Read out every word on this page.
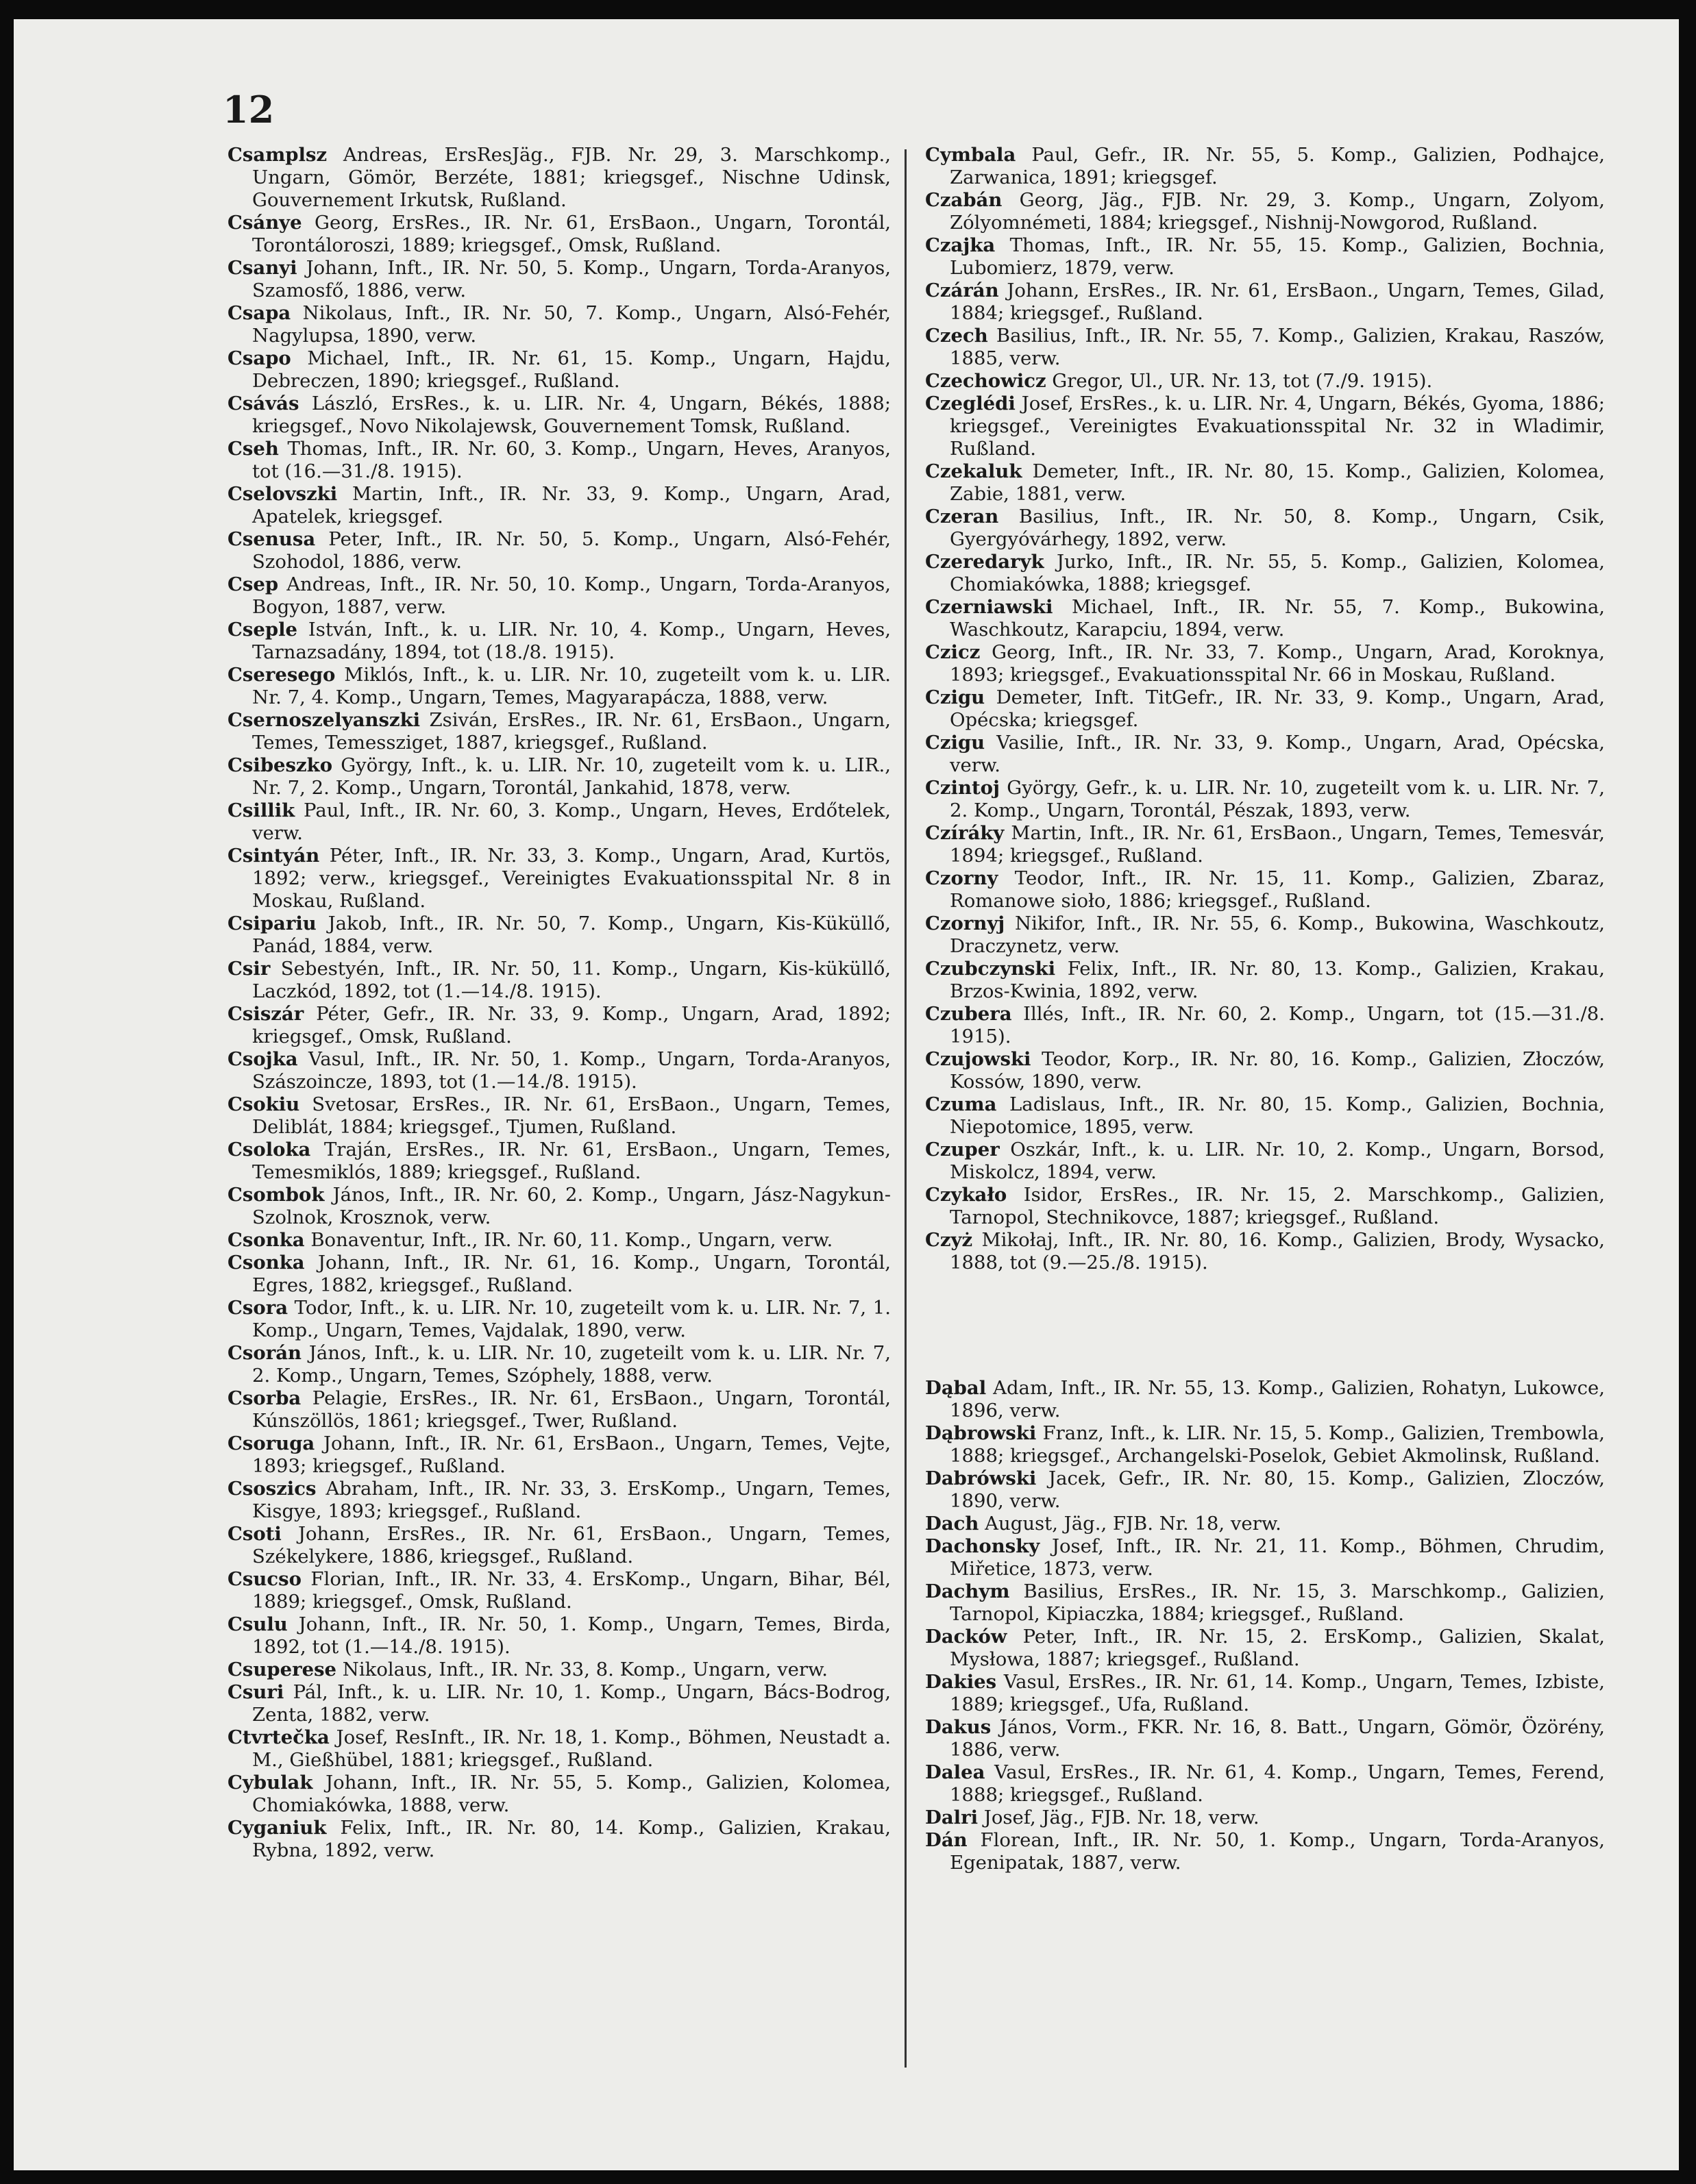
12

Csamplsz Andreas, ErsResJäg., FJB. Nr. 29, 3. Marschkomp., Ungarn, Gömör, Berzéte, 1881; kriegsgef., Nischne Udinsk, Gouvernement Irkutsk, Rußland.

Csánye Georg, ErsRes., IR. Nr. 61, ErsBaon., Ungarn, Torontál, Torontáloroszi, 1889; kriegsgef., Omsk, Rußland.

Csanyi Johann, Inft., IR. Nr. 50, 5. Komp., Ungarn, Torda-Aranyos, Szamosfő, 1886, verw.

Csapa Nikolaus, Inft., IR. Nr. 50, 7. Komp., Ungarn, Alsó-Fehér, Nagylupsa, 1890, verw.

Csapo Michael, Inft., IR. Nr. 61, 15. Komp., Ungarn, Hajdu, Debreczen, 1890; kriegsgef., Rußland.

Csávás László, ErsRes., k. u. LIR. Nr. 4, Ungarn, Békés, 1888; kriegsgef., Novo Nikolajewsk, Gouvernement Tomsk, Rußland.

Cseh Thomas, Inft., IR. Nr. 60, 3. Komp., Ungarn, Heves, Aranyos, tot (16.—31./8. 1915).

Cselovszki Martin, Inft., IR. Nr. 33, 9. Komp., Ungarn, Arad, Apatelek, kriegsgef.

Csenusa Peter, Inft., IR. Nr. 50, 5. Komp., Ungarn, Alsó-Fehér, Szohodol, 1886, verw.

Csep Andreas, Inft., IR. Nr. 50, 10. Komp., Ungarn, Torda-Aranyos, Bogyon, 1887, verw.

Cseple István, Inft., k. u. LIR. Nr. 10, 4. Komp., Ungarn, Heves, Tarnazsadány, 1894, tot (18./8. 1915).

Cseresego Miklós, Inft., k. u. LIR. Nr. 10, zugeteilt vom k. u. LIR. Nr. 7, 4. Komp., Ungarn, Temes, Magyarapácza, 1888, verw.

Csernoszelyanszki Zsiván, ErsRes., IR. Nr. 61, ErsBaon., Ungarn, Temes, Temessziget, 1887, kriegsgef., Rußland.

Csibeszko György, Inft., k. u. LIR. Nr. 10, zugeteilt vom k. u. LIR., Nr. 7, 2. Komp., Ungarn, Torontál, Jankahid, 1878, verw.

Csillik Paul, Inft., IR. Nr. 60, 3. Komp., Ungarn, Heves, Erdőtelek, verw.

Csintyán Péter, Inft., IR. Nr. 33, 3. Komp., Ungarn, Arad, Kurtös, 1892; verw., kriegsgef., Vereinigtes Evakuationsspital Nr. 8 in Moskau, Rußland.

Csipariu Jakob, Inft., IR. Nr. 50, 7. Komp., Ungarn, Kis-Küküllő, Panád, 1884, verw.

Csir Sebestyén, Inft., IR. Nr. 50, 11. Komp., Ungarn, Kis-küküllő, Laczkód, 1892, tot (1.—14./8. 1915).

Csiszár Péter, Gefr., IR. Nr. 33, 9. Komp., Ungarn, Arad, 1892; kriegsgef., Omsk, Rußland.

Csojka Vasul, Inft., IR. Nr. 50, 1. Komp., Ungarn, Torda-Aranyos, Szászoincze, 1893, tot (1.—14./8. 1915).

Csokiu Svetosar, ErsRes., IR. Nr. 61, ErsBaon., Ungarn, Temes, Deliblát, 1884; kriegsgef., Tjumen, Rußland.

Csoloka Traján, ErsRes., IR. Nr. 61, ErsBaon., Ungarn, Temes, Temesmiklós, 1889; kriegsgef., Rußland.

Csombok János, Inft., IR. Nr. 60, 2. Komp., Ungarn, Jász-Nagykun-Szolnok, Krosznok, verw.

Csonka Bonaventur, Inft., IR. Nr. 60, 11. Komp., Ungarn, verw.

Csonka Johann, Inft., IR. Nr. 61, 16. Komp., Ungarn, Torontál, Egres, 1882, kriegsgef., Rußland.

Csora Todor, Inft., k. u. LIR. Nr. 10, zugeteilt vom k. u. LIR. Nr. 7, 1. Komp., Ungarn, Temes, Vajdalak, 1890, verw.

Csorán János, Inft., k. u. LIR. Nr. 10, zugeteilt vom k. u. LIR. Nr. 7, 2. Komp., Ungarn, Temes, Szóphely, 1888, verw.

Csorba Pelagie, ErsRes., IR. Nr. 61, ErsBaon., Ungarn, Torontál, Kúnszöllös, 1861; kriegsgef., Twer, Rußland.

Csoruga Johann, Inft., IR. Nr. 61, ErsBaon., Ungarn, Temes, Vejte, 1893; kriegsgef., Rußland.

Csoszics Abraham, Inft., IR. Nr. 33, 3. ErsKomp., Ungarn, Temes, Kisgye, 1893; kriegsgef., Rußland.

Csoti Johann, ErsRes., IR. Nr. 61, ErsBaon., Ungarn, Temes, Székelykere, 1886, kriegsgef., Rußland.

Csucso Florian, Inft., IR. Nr. 33, 4. ErsKomp., Ungarn, Bihar, Bél, 1889; kriegsgef., Omsk, Rußland.

Csulu Johann, Inft., IR. Nr. 50, 1. Komp., Ungarn, Temes, Birda, 1892, tot (1.—14./8. 1915).

Csuperese Nikolaus, Inft., IR. Nr. 33, 8. Komp., Ungarn, verw.

Csuri Pál, Inft., k. u. LIR. Nr. 10, 1. Komp., Ungarn, Bács-Bodrog, Zenta, 1882, verw.

Ctvrtečka Josef, ResInft., IR. Nr. 18, 1. Komp., Böhmen, Neustadt a. M., Gießhübel, 1881; kriegsgef., Rußland.

Cybulak Johann, Inft., IR. Nr. 55, 5. Komp., Galizien, Kolomea, Chomiakówka, 1888, verw.

Cyganiuk Felix, Inft., IR. Nr. 80, 14. Komp., Galizien, Krakau, Rybna, 1892, verw.

Cymbala Paul, Gefr., IR. Nr. 55, 5. Komp., Galizien, Podhajce, Zarwanica, 1891; kriegsgef.

Czabán Georg, Jäg., FJB. Nr. 29, 3. Komp., Ungarn, Zolyom, Zólyomnémeti, 1884; kriegsgef., Nishnij-Nowgorod, Rußland.

Czajka Thomas, Inft., IR. Nr. 55, 15. Komp., Galizien, Bochnia, Lubomierz, 1879, verw.

Czárán Johann, ErsRes., IR. Nr. 61, ErsBaon., Ungarn, Temes, Gilad, 1884; kriegsgef., Rußland.

Czech Basilius, Inft., IR. Nr. 55, 7. Komp., Galizien, Krakau, Raszów, 1885, verw.

Czechowicz Gregor, Ul., UR. Nr. 13, tot (7./9. 1915).

Czeglédi Josef, ErsRes., k. u. LIR. Nr. 4, Ungarn, Békés, Gyoma, 1886; kriegsgef., Vereinigtes Evakuationsspital Nr. 32 in Wladimir, Rußland.

Czekaluk Demeter, Inft., IR. Nr. 80, 15. Komp., Galizien, Kolomea, Zabie, 1881, verw.

Czeran Basilius, Inft., IR. Nr. 50, 8. Komp., Ungarn, Csik, Gyergyóvárhegy, 1892, verw.

Czeredaryk Jurko, Inft., IR. Nr. 55, 5. Komp., Galizien, Kolomea, Chomiakówka, 1888; kriegsgef.

Czerniawski Michael, Inft., IR. Nr. 55, 7. Komp., Bukowina, Waschkoutz, Karapciu, 1894, verw.

Czicz Georg, Inft., IR. Nr. 33, 7. Komp., Ungarn, Arad, Koroknya, 1893; kriegsgef., Evakuationsspital Nr. 66 in Moskau, Rußland.

Czigu Demeter, Inft. TitGefr., IR. Nr. 33, 9. Komp., Ungarn, Arad, Opécska; kriegsgef.

Czigu Vasilie, Inft., IR. Nr. 33, 9. Komp., Ungarn, Arad, Opécska, verw.

Czintoj György, Gefr., k. u. LIR. Nr. 10, zugeteilt vom k. u. LIR. Nr. 7, 2. Komp., Ungarn, Torontál, Pészak, 1893, verw.

Czíráky Martin, Inft., IR. Nr. 61, ErsBaon., Ungarn, Temes, Temesvár, 1894; kriegsgef., Rußland.

Czorny Teodor, Inft., IR. Nr. 15, 11. Komp., Galizien, Zbaraz, Romanowe sioło, 1886; kriegsgef., Rußland.

Czornyj Nikifor, Inft., IR. Nr. 55, 6. Komp., Bukowina, Waschkoutz, Draczynetz, verw.

Czubczynski Felix, Inft., IR. Nr. 80, 13. Komp., Galizien, Krakau, Brzos-Kwinia, 1892, verw.

Czubera Illés, Inft., IR. Nr. 60, 2. Komp., Ungarn, tot (15.—31./8. 1915).

Czujowski Teodor, Korp., IR. Nr. 80, 16. Komp., Galizien, Złoczów, Kossów, 1890, verw.

Czuma Ladislaus, Inft., IR. Nr. 80, 15. Komp., Galizien, Bochnia, Niepotomice, 1895, verw.

Czuper Oszkár, Inft., k. u. LIR. Nr. 10, 2. Komp., Ungarn, Borsod, Miskolcz, 1894, verw.

Czykało Isidor, ErsRes., IR. Nr. 15, 2. Marschkomp., Galizien, Tarnopol, Stechnikovce, 1887; kriegsgef., Rußland.

Czyż Mikołaj, Inft., IR. Nr. 80, 16. Komp., Galizien, Brody, Wysacko, 1888, tot (9.—25./8. 1915).

Dąbal Adam, Inft., IR. Nr. 55, 13. Komp., Galizien, Rohatyn, Lukowce, 1896, verw.

Dąbrowski Franz, Inft., k. LIR. Nr. 15, 5. Komp., Galizien, Trembowla, 1888; kriegsgef., Archangelski-Poselok, Gebiet Akmolinsk, Rußland.

Dabrówski Jacek, Gefr., IR. Nr. 80, 15. Komp., Galizien, Zloczów, 1890, verw.

Dach August, Jäg., FJB. Nr. 18, verw.

Dachonsky Josef, Inft., IR. Nr. 21, 11. Komp., Böhmen, Chrudim, Miřetice, 1873, verw.

Dachym Basilius, ErsRes., IR. Nr. 15, 3. Marschkomp., Galizien, Tarnopol, Kipiaczka, 1884; kriegsgef., Rußland.

Dacków Peter, Inft., IR. Nr. 15, 2. ErsKomp., Galizien, Skalat, Mysłowa, 1887; kriegsgef., Rußland.

Dakies Vasul, ErsRes., IR. Nr. 61, 14. Komp., Ungarn, Temes, Izbiste, 1889; kriegsgef., Ufa, Rußland.

Dakus János, Vorm., FKR. Nr. 16, 8. Batt., Ungarn, Gömör, Özörény, 1886, verw.

Dalea Vasul, ErsRes., IR. Nr. 61, 4. Komp., Ungarn, Temes, Ferend, 1888; kriegsgef., Rußland.

Dalri Josef, Jäg., FJB. Nr. 18, verw.

Dán Florean, Inft., IR. Nr. 50, 1. Komp., Ungarn, Torda-Aranyos, Egenipatak, 1887, verw.
